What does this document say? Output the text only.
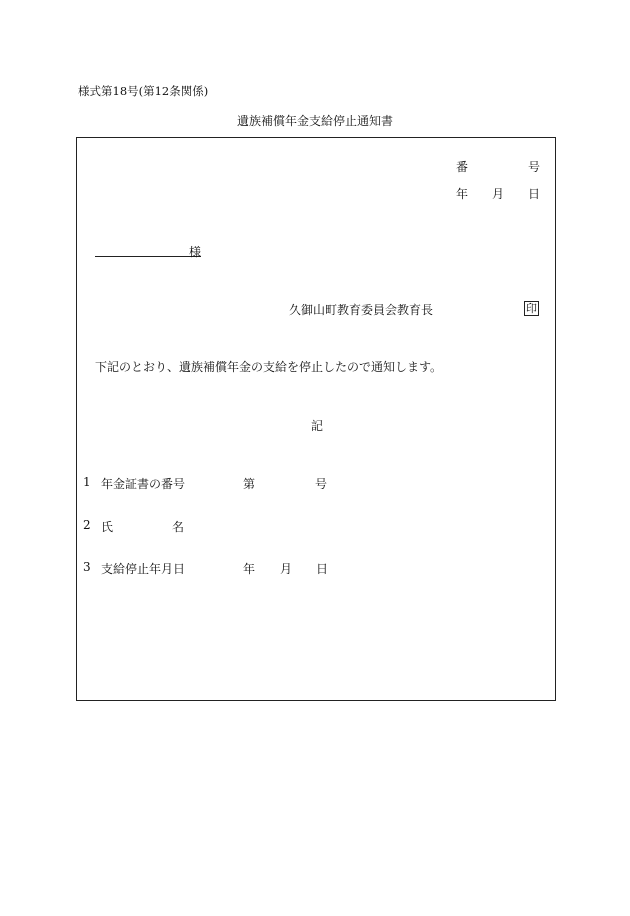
様式第18号(第12条関係)
遺族補償年金支給停止通知書
番	号
年 月 日
様
久御山町教育委員会教育長	印
下記のとおり、遺族補償年金の支給を停止したので通知します。
記
1 年金証書の番号	第	号
2 氏	名
3 支給停止年月日	年 月 日
